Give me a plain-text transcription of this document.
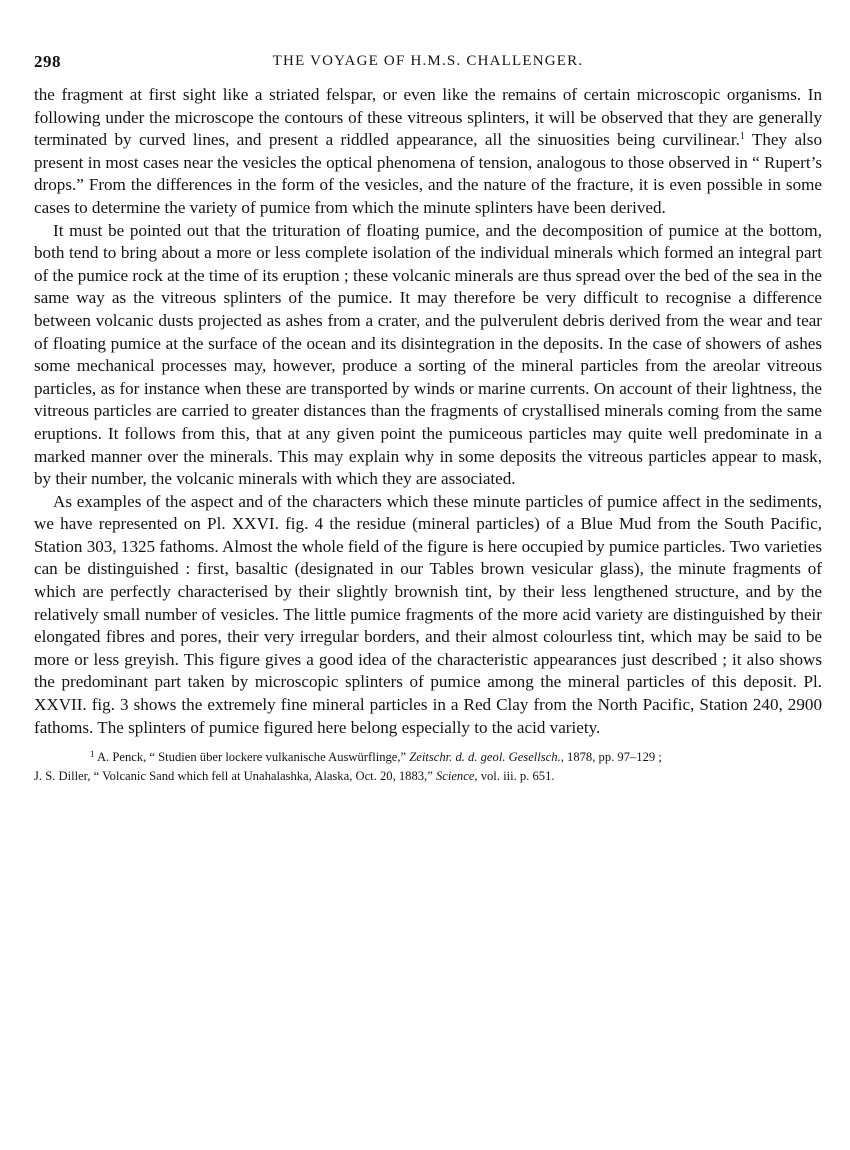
298	THE VOYAGE OF H.M.S. CHALLENGER.

the fragment at first sight like a striated felspar, or even like the remains of certain microscopic organisms. In following under the microscope the contours of these vitreous splinters, it will be observed that they are generally terminated by curved lines, and present a riddled appearance, all the sinuosities being curvilinear.$^1$ They also present in most cases near the vesicles the optical phenomena of tension, analogous to those observed in “ Rupert’s drops.” From the differences in the form of the vesicles, and the nature of the fracture, it is even possible in some cases to determine the variety of pumice from which the minute splinters have been derived.

It must be pointed out that the trituration of floating pumice, and the decomposition of pumice at the bottom, both tend to bring about a more or less complete isolation of the individual minerals which formed an integral part of the pumice rock at the time of its eruption ; these volcanic minerals are thus spread over the bed of the sea in the same way as the vitreous splinters of the pumice. It may therefore be very difficult to recognise a difference between volcanic dusts projected as ashes from a crater, and the pulverulent debris derived from the wear and tear of floating pumice at the surface of the ocean and its disintegration in the deposits. In the case of showers of ashes some mechanical processes may, however, produce a sorting of the mineral particles from the areolar vitreous particles, as for instance when these are transported by winds or marine currents. On account of their lightness, the vitreous particles are carried to greater distances than the fragments of crystallised minerals coming from the same eruptions. It follows from this, that at any given point the pumiceous particles may quite well predominate in a marked manner over the minerals. This may explain why in some deposits the vitreous particles appear to mask, by their number, the volcanic minerals with which they are associated.

As examples of the aspect and of the characters which these minute particles of pumice affect in the sediments, we have represented on Pl. XXVI. fig. 4 the residue (mineral particles) of a Blue Mud from the South Pacific, Station 303, 1325 fathoms. Almost the whole field of the figure is here occupied by pumice particles. Two varieties can be distinguished : first, basaltic (designated in our Tables brown vesicular glass), the minute fragments of which are perfectly characterised by their slightly brownish tint, by their less lengthened structure, and by the relatively small number of vesicles. The little pumice fragments of the more acid variety are distinguished by their elongated fibres and pores, their very irregular borders, and their almost colourless tint, which may be said to be more or less greyish. This figure gives a good idea of the characteristic appearances just described ; it also shows the predominant part taken by microscopic splinters of pumice among the mineral particles of this deposit. Pl. XXVII. fig. 3 shows the extremely fine mineral particles in a Red Clay from the North Pacific, Station 240, 2900 fathoms. The splinters of pumice figured here belong especially to the acid variety.

$^1$ A. Penck, “ Studien über lockere vulkanische Auswürflinge,” Zeitschr. d. d. geol. Gesellsch., 1878, pp. 97–129 ;

J. S. Diller, “ Volcanic Sand which fell at Unahalashka, Alaska, Oct. 20, 1883,” Science, vol. iii. p. 651.
